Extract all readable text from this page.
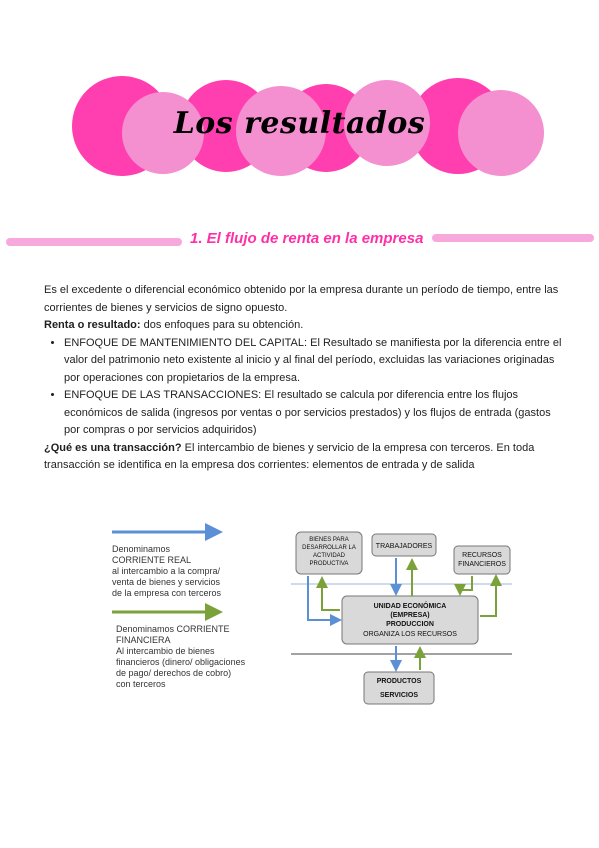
Los resultados
1. El flujo de renta en la empresa

Es el excedente o diferencial económico obtenido por la empresa durante un período de tiempo, entre las corrientes de bienes y servicios de signo opuesto.

Renta o resultado: dos enfoques para su obtención.

• ENFOQUE DE MANTENIMIENTO DEL CAPITAL: El Resultado se manifiesta por la diferencia entre el valor del patrimonio neto existente al inicio y al final del período, excluidas las variaciones originadas por operaciones con propietarios de la empresa.
• ENFOQUE DE LAS TRANSACCIONES: El resultado se calcula por diferencia entre los flujos económicos de salida (ingresos por ventas o por servicios prestados) y los flujos de entrada (gastos por compras o por servicios adquiridos)

¿Qué es una transacción? El intercambio de bienes y servicio de la empresa con terceros. En toda transacción se identifica en la empresa dos corrientes: elementos de entrada y de salida

BIENES PARA
DESARROLLAR LA
ACTIVIDAD
PRODUCTIVA
TRABAJADORES
RECURSOS
FINANCIEROS
UNIDAD ECONÓMICA
(EMPRESA)
PRODUCCION
ORGANIZA LOS RECURSOS
PRODUCTOS
SERVICIOS
Denominamos
CORRIENTE REAL
al intercambio a la compra/
venta de bienes y servicios
de la empresa con terceros
Denominamos CORRIENTE
FINANCIERA
Al intercambio de bienes
financieros (dinero/ obligaciones
de pago/ derechos de cobro)
con terceros
